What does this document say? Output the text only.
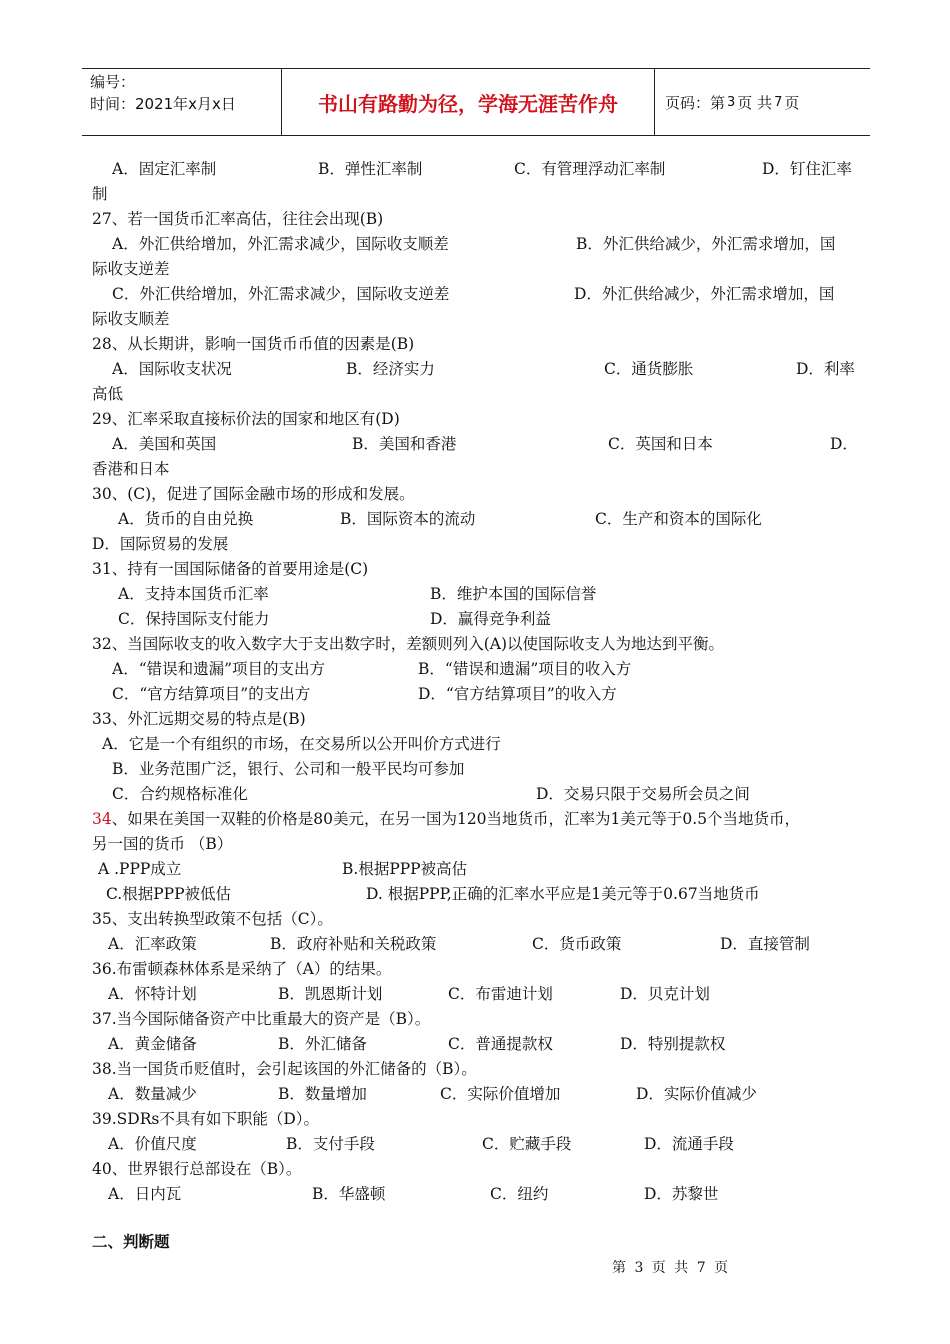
编号：
时间：2021年x月x日	书山有路勤为径，学海无涯苦作舟	页码：第 3 页 共 7 页
A．固定汇率制	B．弹性汇率制	C．有管理浮动汇率制	D．钉住汇率
制
27、若一国货币汇率高估，往往会出现(B)
A．外汇供给增加，外汇需求减少，国际收支顺差	B．外汇供给减少，外汇需求增加，国
际收支逆差
C．外汇供给增加，外汇需求减少，国际收支逆差	D．外汇供给减少，外汇需求增加，国
际收支顺差
28、从长期讲，影响一国货币币值的因素是(B)
A．国际收支状况	B．经济实力	C．通货膨胀	D．利率
高低
29、汇率采取直接标价法的国家和地区有(D)
A．美国和英国	B．美国和香港	C．英国和日本	D．
香港和日本
30、(C)，促进了国际金融市场的形成和发展。
A．货币的自由兑换	B．国际资本的流动	C．生产和资本的国际化
D．国际贸易的发展
31、持有一国国际储备的首要用途是(C)
A．支持本国货币汇率	B．维护本国的国际信誉
C．保持国际支付能力	D．赢得竞争利益
32、当国际收支的收入数字大于支出数字时，差额则列入(A)以使国际收支人为地达到平衡。
A．“错误和遗漏”项目的支出方	B．“错误和遗漏”项目的收入方
C．“官方结算项目”的支出方	D．“官方结算项目”的收入方
33、外汇远期交易的特点是(B)
A．它是一个有组织的市场，在交易所以公开叫价方式进行
B．业务范围广泛，银行、公司和一般平民均可参加
C．合约规格标准化	D．交易只限于交易所会员之间
34、如果在美国一双鞋的价格是80美元，在另一国为120当地货币，汇率为1美元等于0.5个当地货币，
另一国的货币 （B）
A .PPP成立	B.根据PPP被高估
C.根据PPP被低估	D. 根据PPP,正确的汇率水平应是1美元等于0.67当地货币
35、支出转换型政策不包括（C）。
A．汇率政策	B．政府补贴和关税政策	C．货币政策	D．直接管制
36.布雷顿森林体系是采纳了（A）的结果。
A．怀特计划	B．凯恩斯计划	C．布雷迪计划	D．贝克计划
37.当今国际储备资产中比重最大的资产是（B）。
A．黄金储备	B．外汇储备	C．普通提款权	D．特别提款权
38.当一国货币贬值时，会引起该国的外汇储备的（B）。
A．数量减少	B．数量增加	C．实际价值增加	D．实际价值减少
39.SDRs不具有如下职能（D）。
A．价值尺度	B．支付手段	C．贮藏手段	D．流通手段
40、世界银行总部设在（B）。
A．日内瓦	B．华盛顿	C．纽约	D．苏黎世
二、判断题
第 3 页 共 7 页
